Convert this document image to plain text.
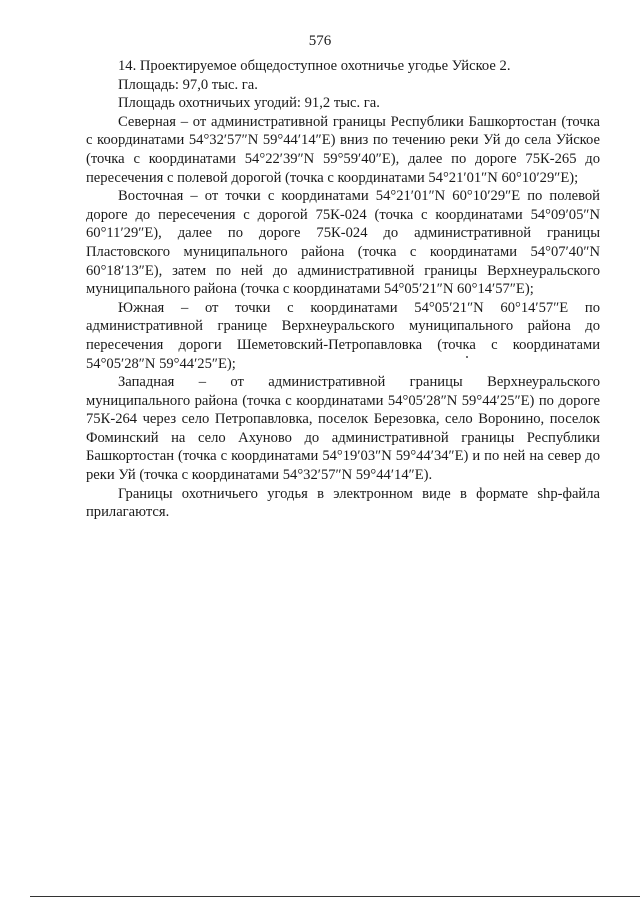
576

14. Проектируемое общедоступное охотничье угодье Уйское 2.

Площадь: 97,0 тыс. га.

Площадь охотничьих угодий: 91,2 тыс. га.

Северная – от административной границы Республики Башкортостан (точка с координатами 54°32′57″N 59°44′14″E) вниз по течению реки Уй до села Уйское (точка с координатами 54°22′39″N 59°59′40″E), далее по дороге 75К-265 до пересечения с полевой дорогой (точка с координатами 54°21′01″N 60°10′29″E);

Восточная – от точки с координатами 54°21′01″N 60°10′29″E по полевой дороге до пересечения с дорогой 75К-024 (точка с координатами 54°09′05″N 60°11′29″E), далее по дороге 75К-024 до административной границы Пластовского муниципального района (точка с координатами 54°07′40″N 60°18′13″E), затем по ней до административной границы Верхнеуральского муниципального района (точка с координатами 54°05′21″N 60°14′57″E);

Южная – от точки с координатами 54°05′21″N 60°14′57″E по административной границе Верхнеуральского муниципального района до пересечения дороги Шеметовский-Петропавловка (точка с координатами 54°05′28″N 59°44′25″E);

Западная – от административной границы Верхнеуральского муниципального района (точка с координатами 54°05′28″N 59°44′25″E) по дороге 75К-264 через село Петропавловка, поселок Березовка, село Воронино, поселок Фоминский на село Ахуново до административной границы Республики Башкортостан (точка с координатами 54°19′03″N 59°44′34″E) и по ней на север до реки Уй (точка с координатами 54°32′57″N 59°44′14″E).

Границы охотничьего угодья в электронном виде в формате shp-файла прилагаются.
